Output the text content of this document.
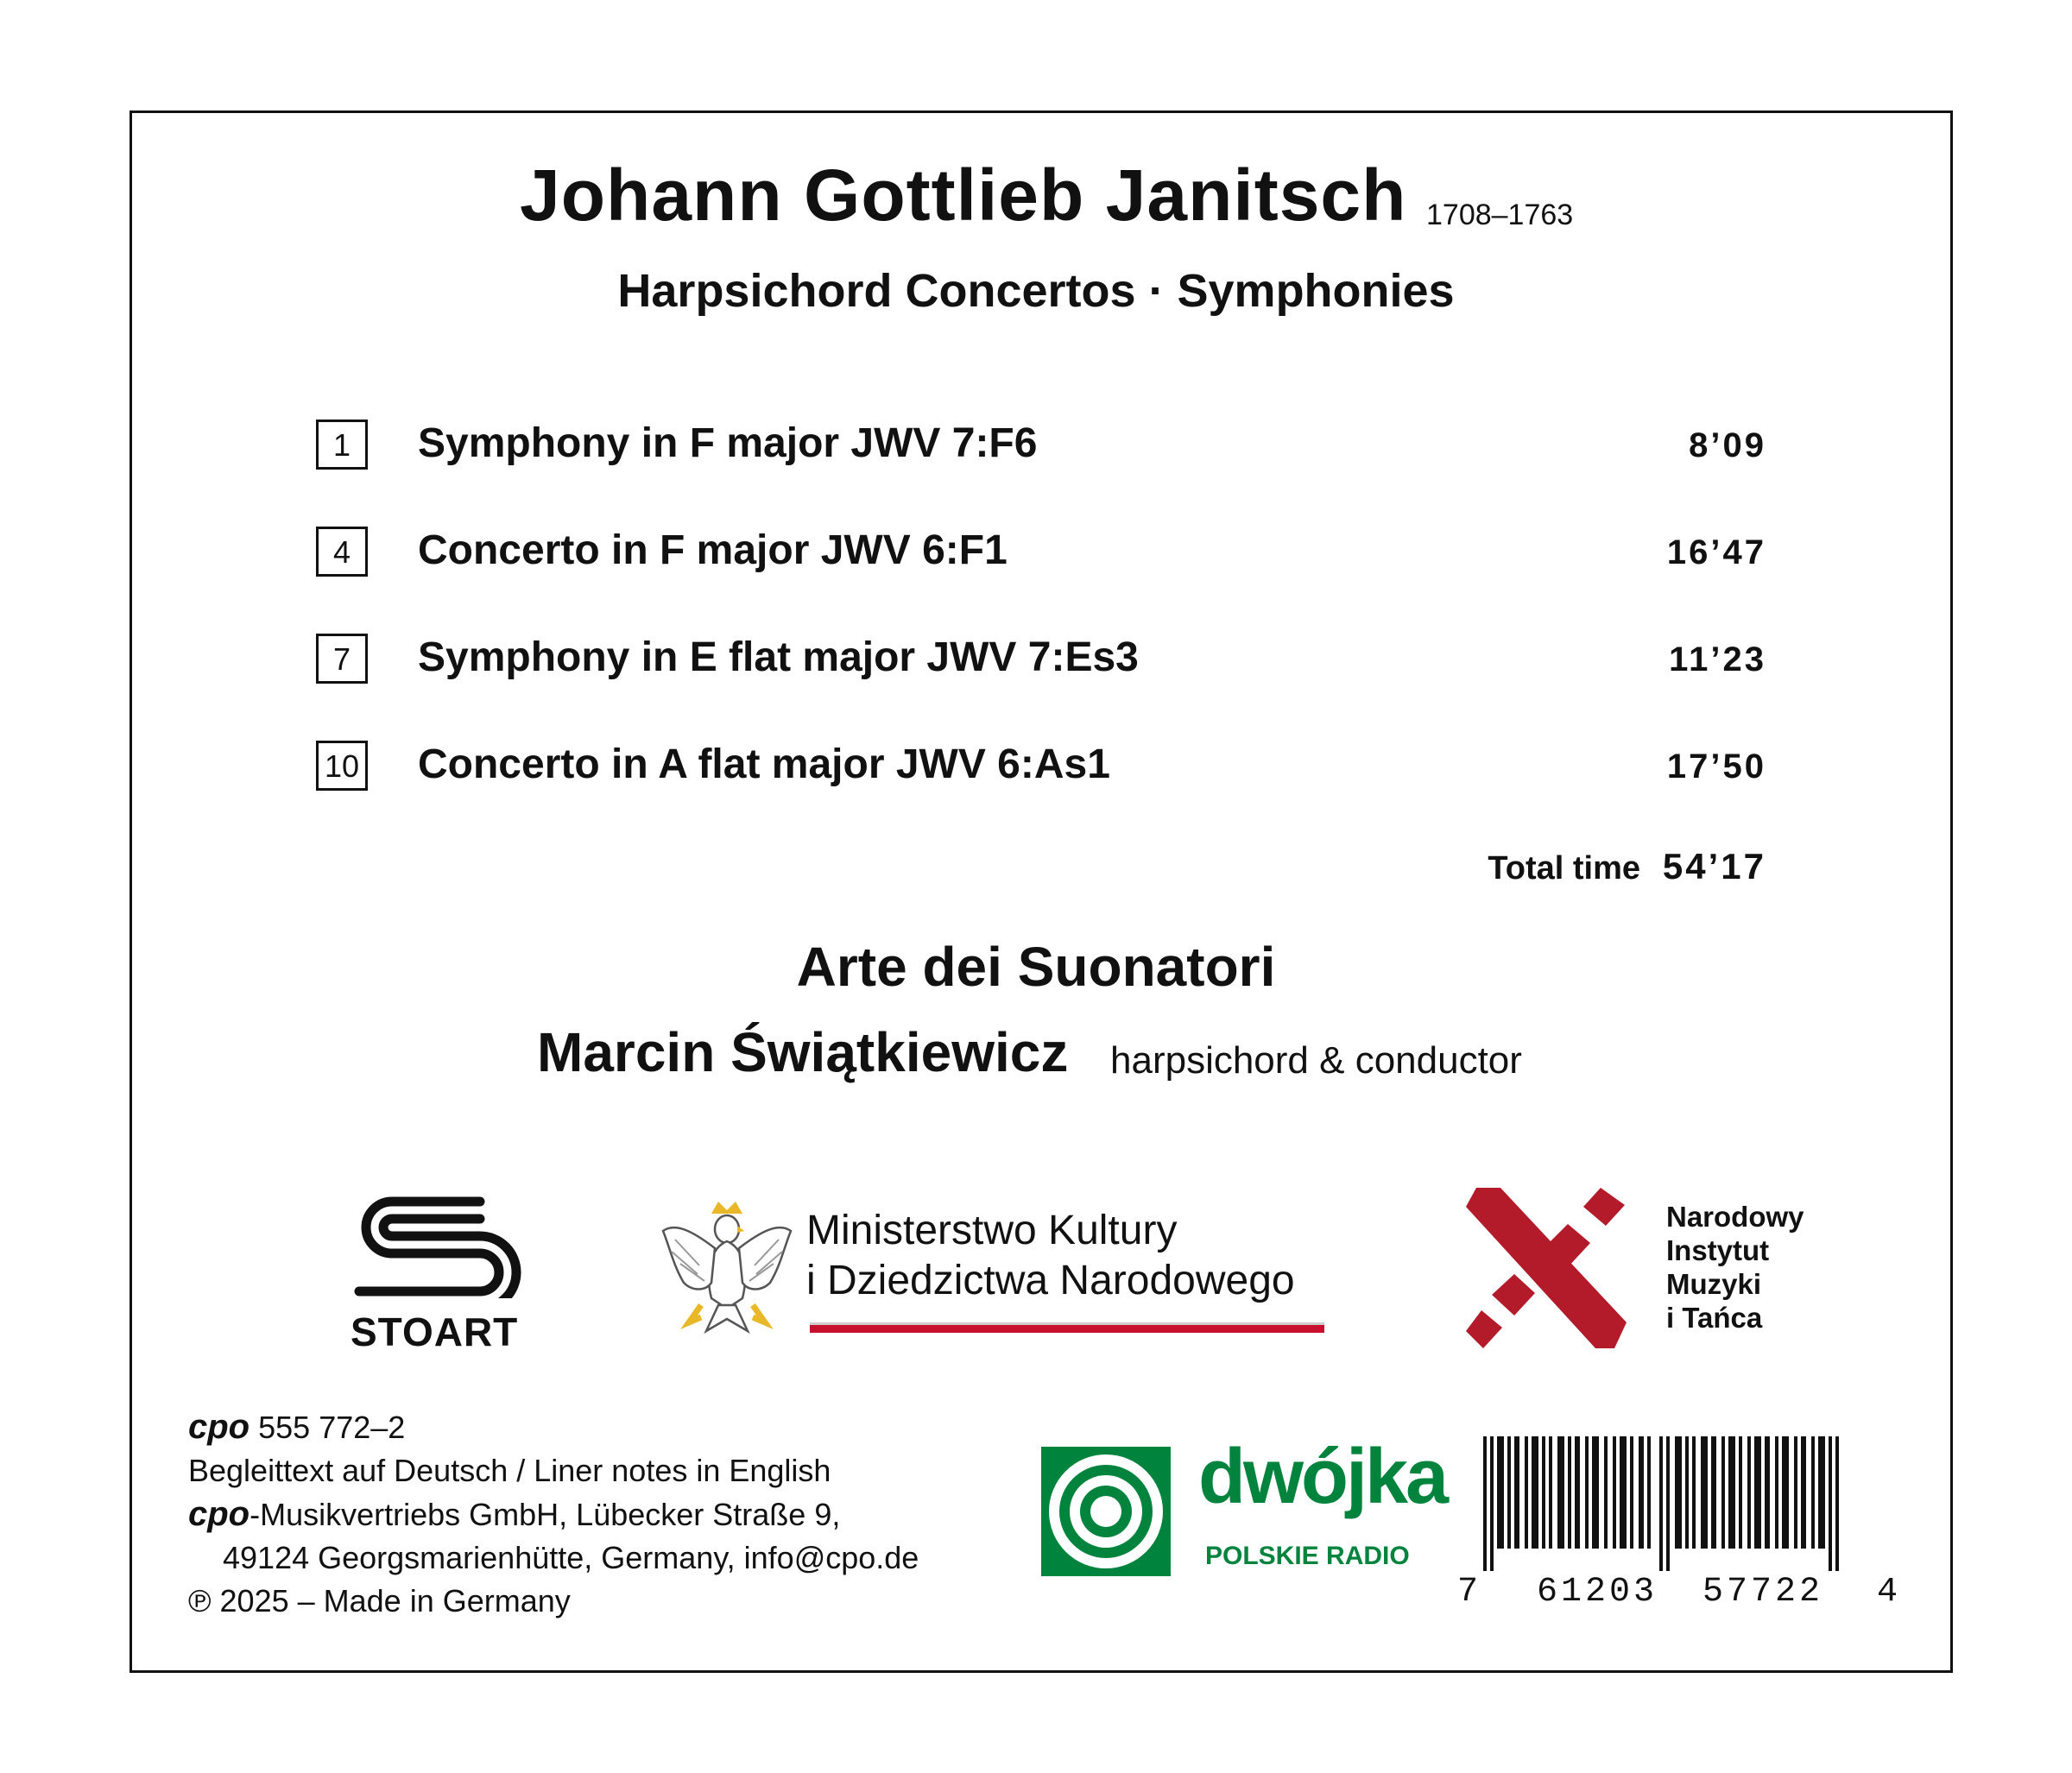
Johann Gottlieb Janitsch 1708–1763
Harpsichord Concertos · Symphonies
1	Symphony in F major JWV 7:F6	8’09
4	Concerto in F major JWV 6:F1	16’47
7	Symphony in E flat major JWV 7:Es3	11’23
10 Concerto in A flat major JWV 6:As1	17’50
Total time 54’17
Arte dei Suonatori
Marcin Świątkiewicz harpsichord & conductor
STOART
Ministerstwo Kultury
i Dziedzictwa Narodowego
Narodowy
Instytut
Muzyki
i Tańca
cpo 555 772–2
Begleittext auf Deutsch / Liner notes in English
cpo-Musikvertriebs GmbH, Lübecker Straße 9,
49124 Georgsmarienhütte, Germany, info@cpo.de
℗ 2025 – Made in Germany
dwójka
POLSKIE RADIO
7 61203 57722 4
